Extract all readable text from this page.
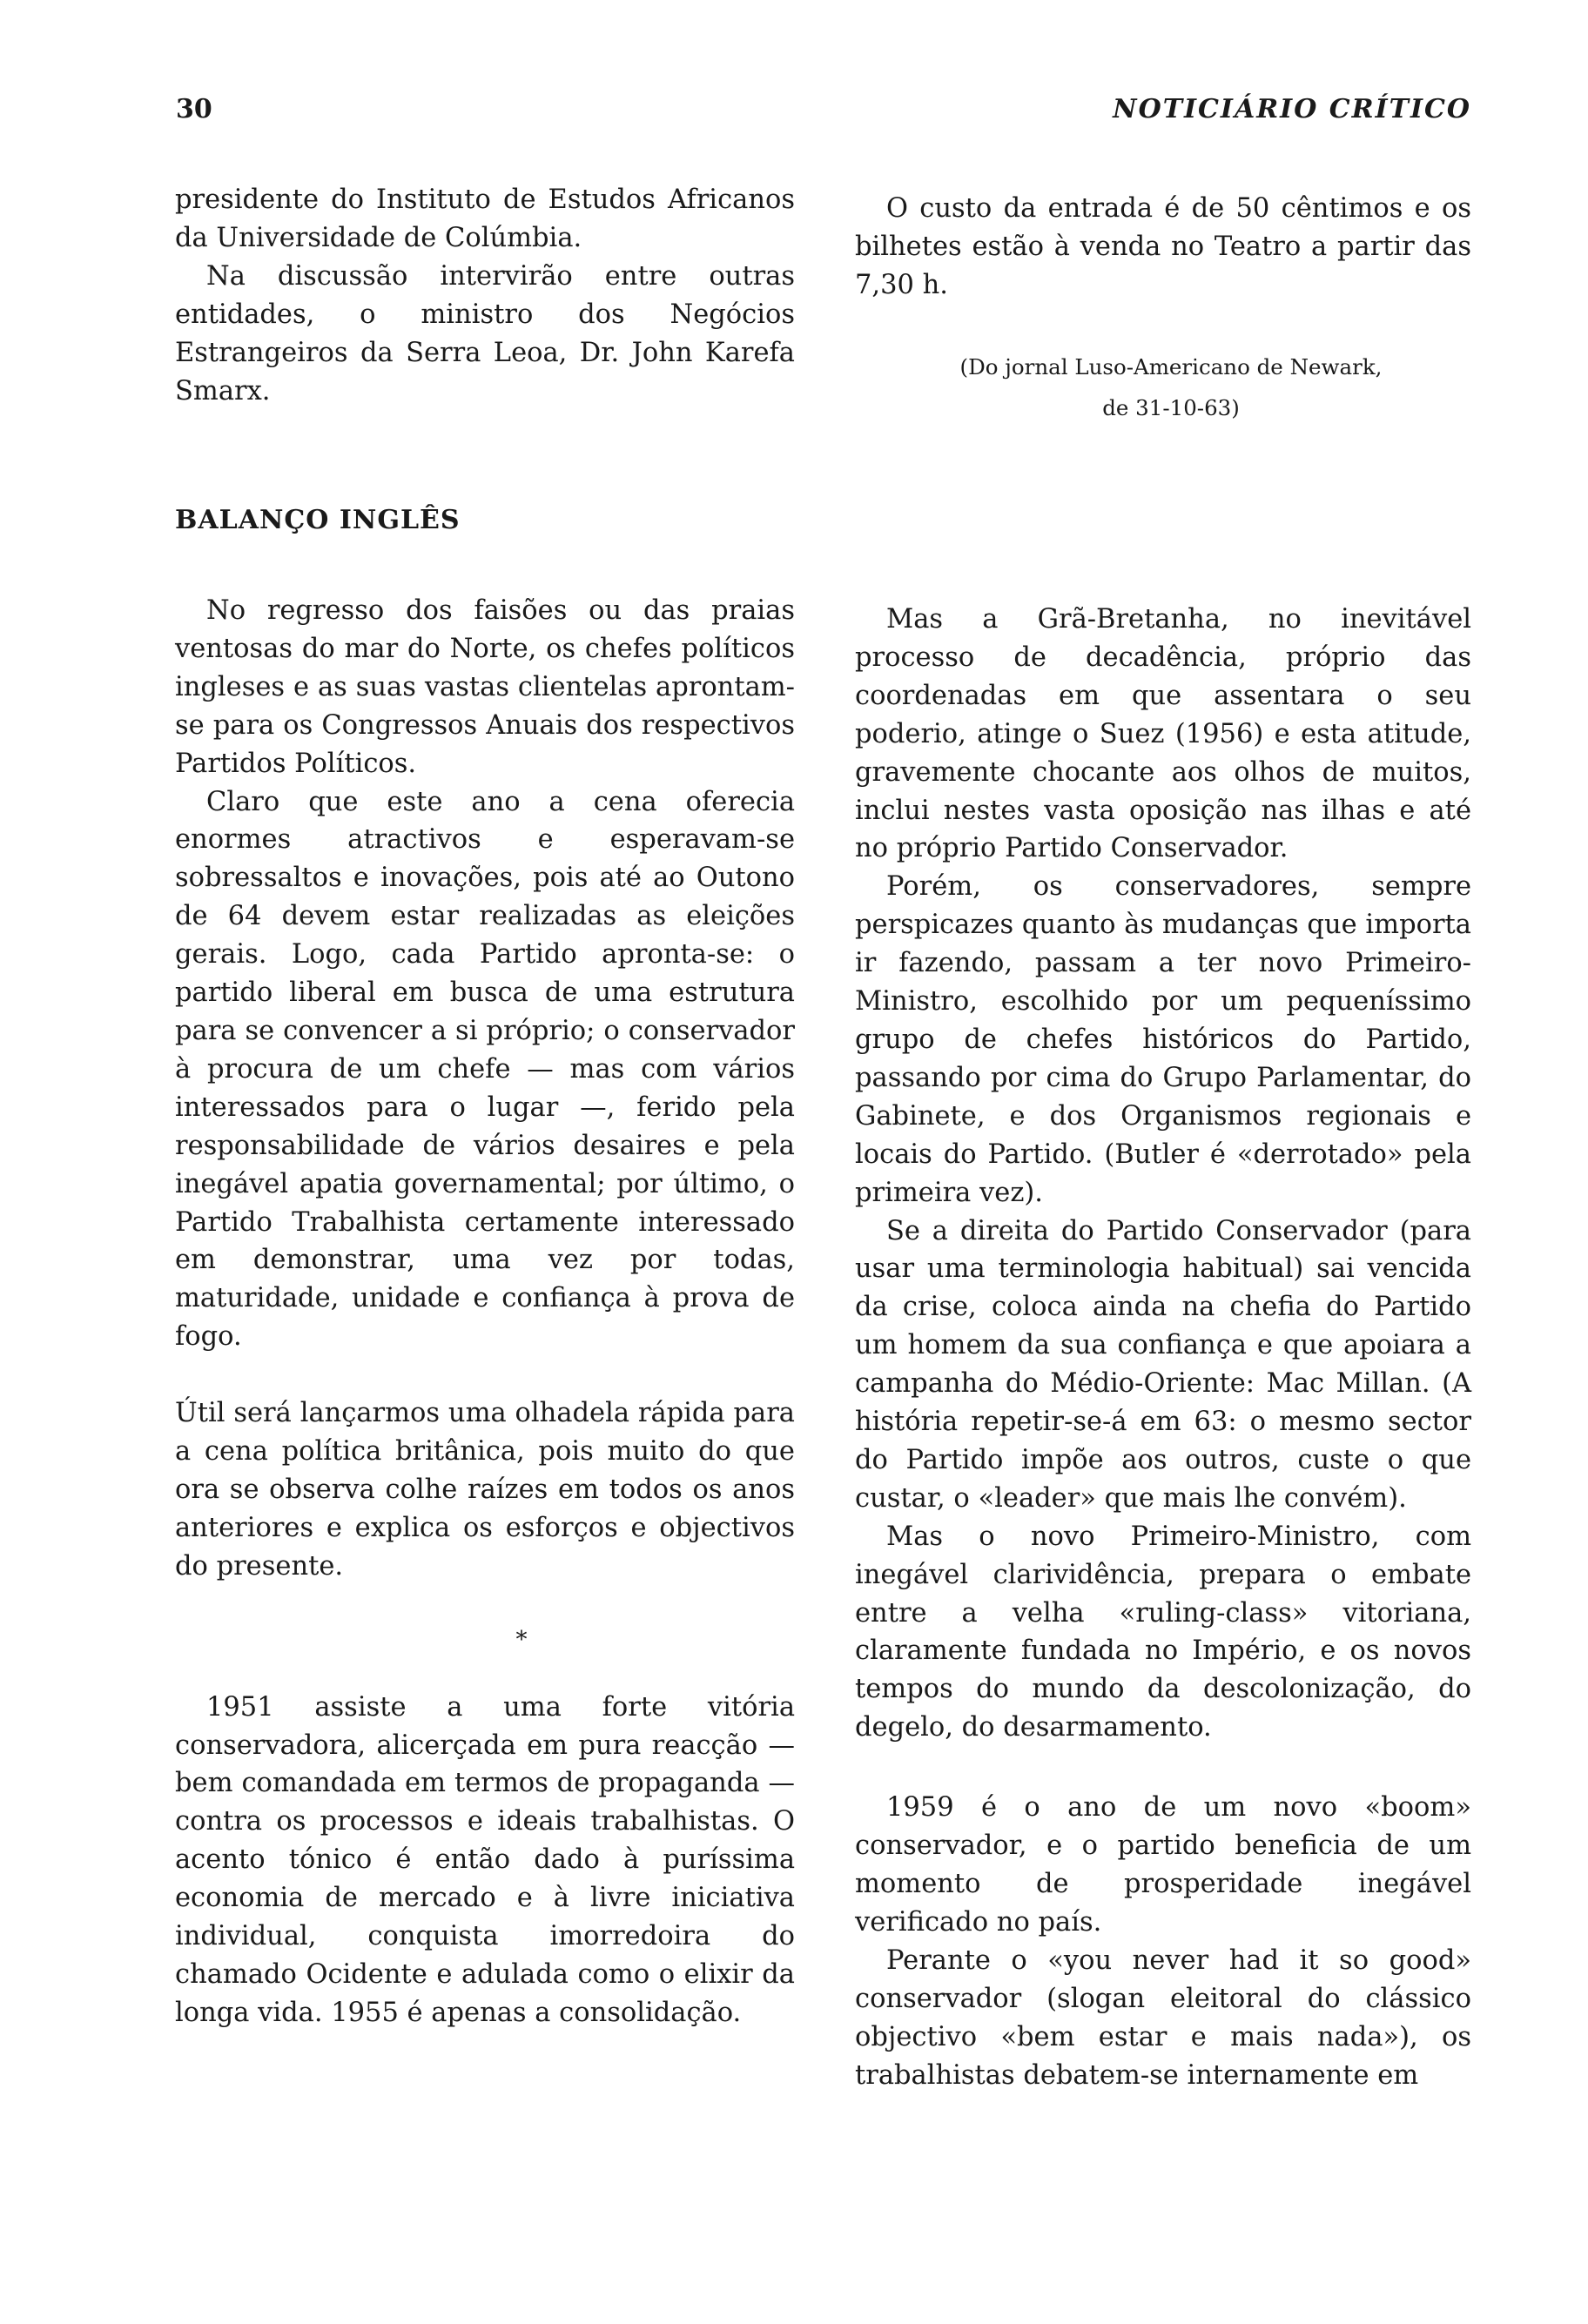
30	NOTICIÁRIO CRÍTICO

presidente do Instituto de Estudos Africanos da Universidade de Colúmbia.

Na discussão intervirão entre outras entidades, o ministro dos Negócios Estrangeiros da Serra Leoa, Dr. John Karefa Smarx.

O custo da entrada é de 50 cêntimos e os bilhetes estão à venda no Teatro a partir das 7,30 h.

(Do jornal Luso-Americano de Newark,
de 31-10-63)
BALANÇO INGLÊS

No regresso dos faisões ou das praias ventosas do mar do Norte, os chefes políticos ingleses e as suas vastas clientelas aprontam-se para os Congressos Anuais dos respectivos Partidos Políticos.

Claro que este ano a cena oferecia enormes atractivos e esperavam-se sobressaltos e inovações, pois até ao Outono de 64 devem estar realizadas as eleições gerais. Logo, cada Partido apronta-se: o partido liberal em busca de uma estrutura para se convencer a si próprio; o conservador à procura de um chefe — mas com vários interessados para o lugar —, ferido pela responsabilidade de vários desaires e pela inegável apatia governamental; por último, o Partido Trabalhista certamente interessado em demonstrar, uma vez por todas, maturidade, unidade e confiança à prova de fogo.

Útil será lançarmos uma olhadela rápida para a cena política britânica, pois muito do que ora se observa colhe raízes em todos os anos anteriores e explica os esforços e objectivos do presente.

*

1951 assiste a uma forte vitória conservadora, alicerçada em pura reacção — bem comandada em termos de propaganda — contra os processos e ideais trabalhistas. O acento tónico é então dado à puríssima economia de mercado e à livre iniciativa individual, conquista imorredoira do chamado Ocidente e adulada como o elixir da longa vida. 1955 é apenas a consolidação.

Mas a Grã-Bretanha, no inevitável processo de decadência, próprio das coordenadas em que assentara o seu poderio, atinge o Suez (1956) e esta atitude, gravemente chocante aos olhos de muitos, inclui nestes vasta oposição nas ilhas e até no próprio Partido Conservador.

Porém, os conservadores, sempre perspicazes quanto às mudanças que importa ir fazendo, passam a ter novo Primeiro-Ministro, escolhido por um pequeníssimo grupo de chefes históricos do Partido, passando por cima do Grupo Parlamentar, do Gabinete, e dos Organismos regionais e locais do Partido. (Butler é «derrotado» pela primeira vez).

Se a direita do Partido Conservador (para usar uma terminologia habitual) sai vencida da crise, coloca ainda na chefia do Partido um homem da sua confiança e que apoiara a campanha do Médio-Oriente: Mac Millan. (A história repetir-se-á em 63: o mesmo sector do Partido impõe aos outros, custe o que custar, o «leader» que mais lhe convém).

Mas o novo Primeiro-Ministro, com inegável clarividência, prepara o embate entre a velha «ruling-class» vitoriana, claramente fundada no Império, e os novos tempos do mundo da descolonização, do degelo, do desarmamento.

1959 é o ano de um novo «boom» conservador, e o partido beneficia de um momento de prosperidade inegável verificado no país.

Perante o «you never had it so good» conservador (slogan eleitoral do clássico objectivo «bem estar e mais nada»), os trabalhistas debatem-se internamente em
